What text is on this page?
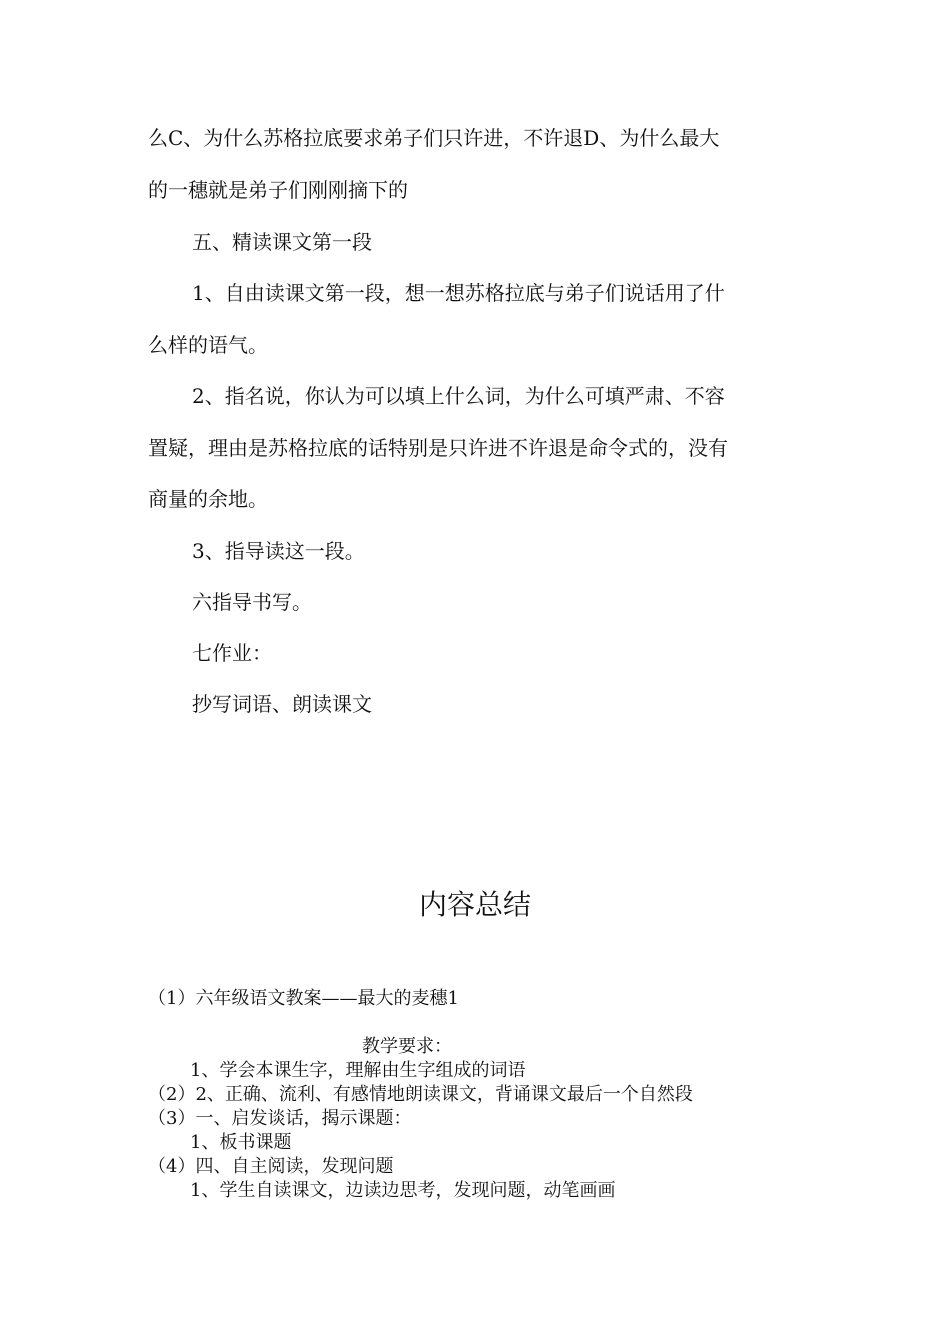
么C、为什么苏格拉底要求弟子们只许进，不许退D、为什么最大
的一穗就是弟子们刚刚摘下的
五、精读课文第一段
1、自由读课文第一段，想一想苏格拉底与弟子们说话用了什
么样的语气。
2、指名说，你认为可以填上什么词，为什么可填严肃、不容
置疑，理由是苏格拉底的话特别是只许进不许退是命令式的，没有
商量的余地。
3、指导读这一段。
六指导书写。
七作业：
抄写词语、朗读课文
内容总结
（1）六年级语文教案——最大的麦穗1
教学要求：
1、学会本课生字，理解由生字组成的词语
（2）2、正确、流利、有感情地朗读课文，背诵课文最后一个自然段
（3）一、启发谈话，揭示课题：
1、板书课题
（4）四、自主阅读，发现问题
1、学生自读课文，边读边思考，发现问题，动笔画画
